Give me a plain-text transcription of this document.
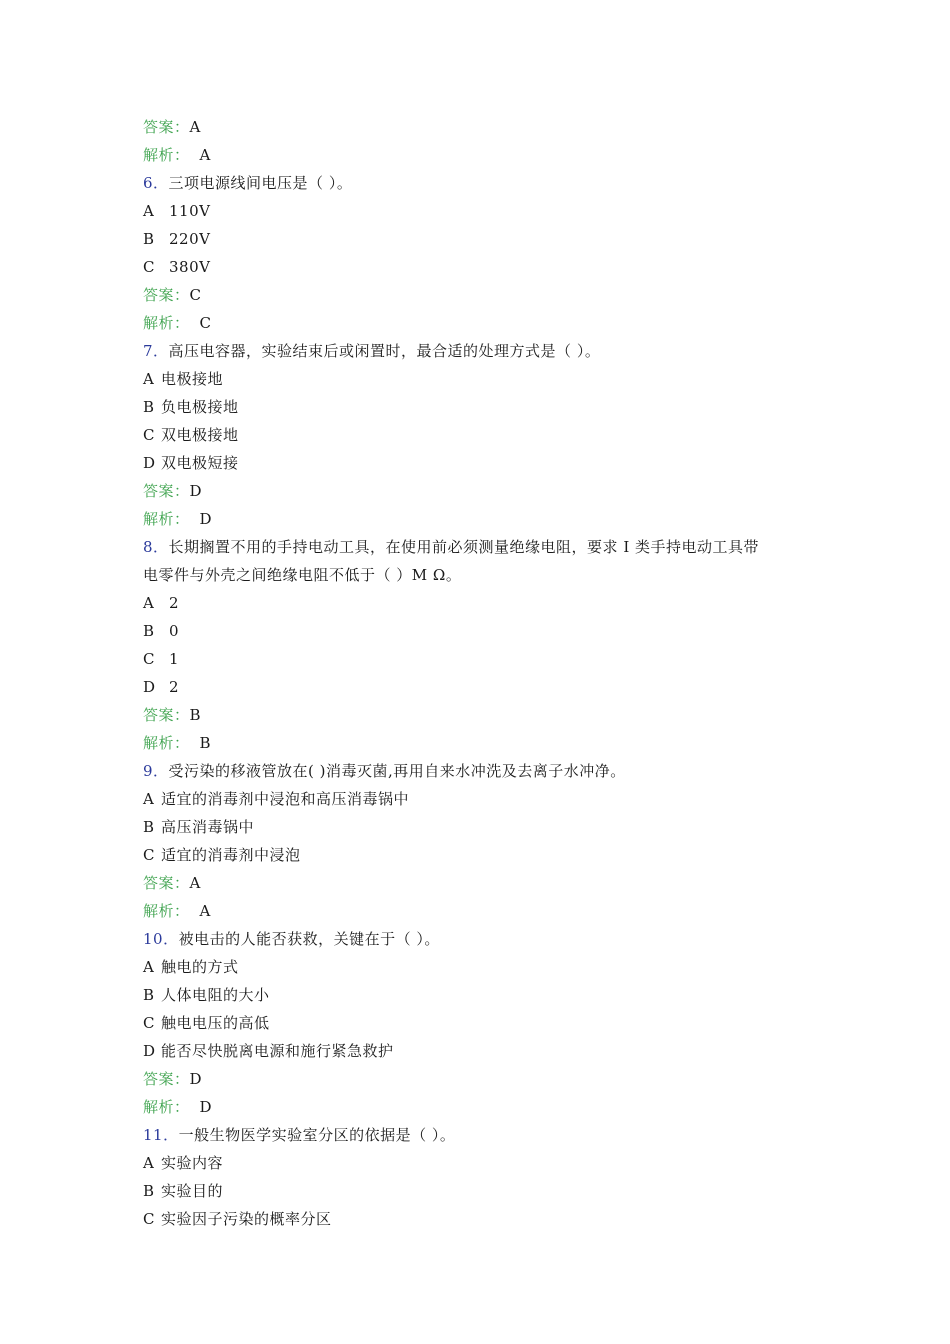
答案：A
解析： A
6．三项电源线间电压是（ ）。
A 110V
B 220V
C 380V
答案：C
解析： C
7．高压电容器，实验结束后或闲置时，最合适的处理方式是（ ）。
A 电极接地
B 负电极接地
C 双电极接地
D 双电极短接
答案：D
解析： D
8．长期搁置不用的手持电动工具，在使用前必须测量绝缘电阻，要求 I 类手持电动工具带
电零件与外壳之间绝缘电阻不低于（ ）M Ω。
A 2
B 0
C 1
D 2
答案：B
解析： B
9．受污染的移液管放在( )消毒灭菌,再用自来水冲洗及去离子水冲净。
A 适宜的消毒剂中浸泡和高压消毒锅中
B 高压消毒锅中
C 适宜的消毒剂中浸泡
答案：A
解析： A
10．被电击的人能否获救，关键在于（ ）。
A 触电的方式
B 人体电阻的大小
C 触电电压的高低
D 能否尽快脱离电源和施行紧急救护
答案：D
解析： D
11．一般生物医学实验室分区的依据是（ ）。
A 实验内容
B 实验目的
C 实验因子污染的概率分区
